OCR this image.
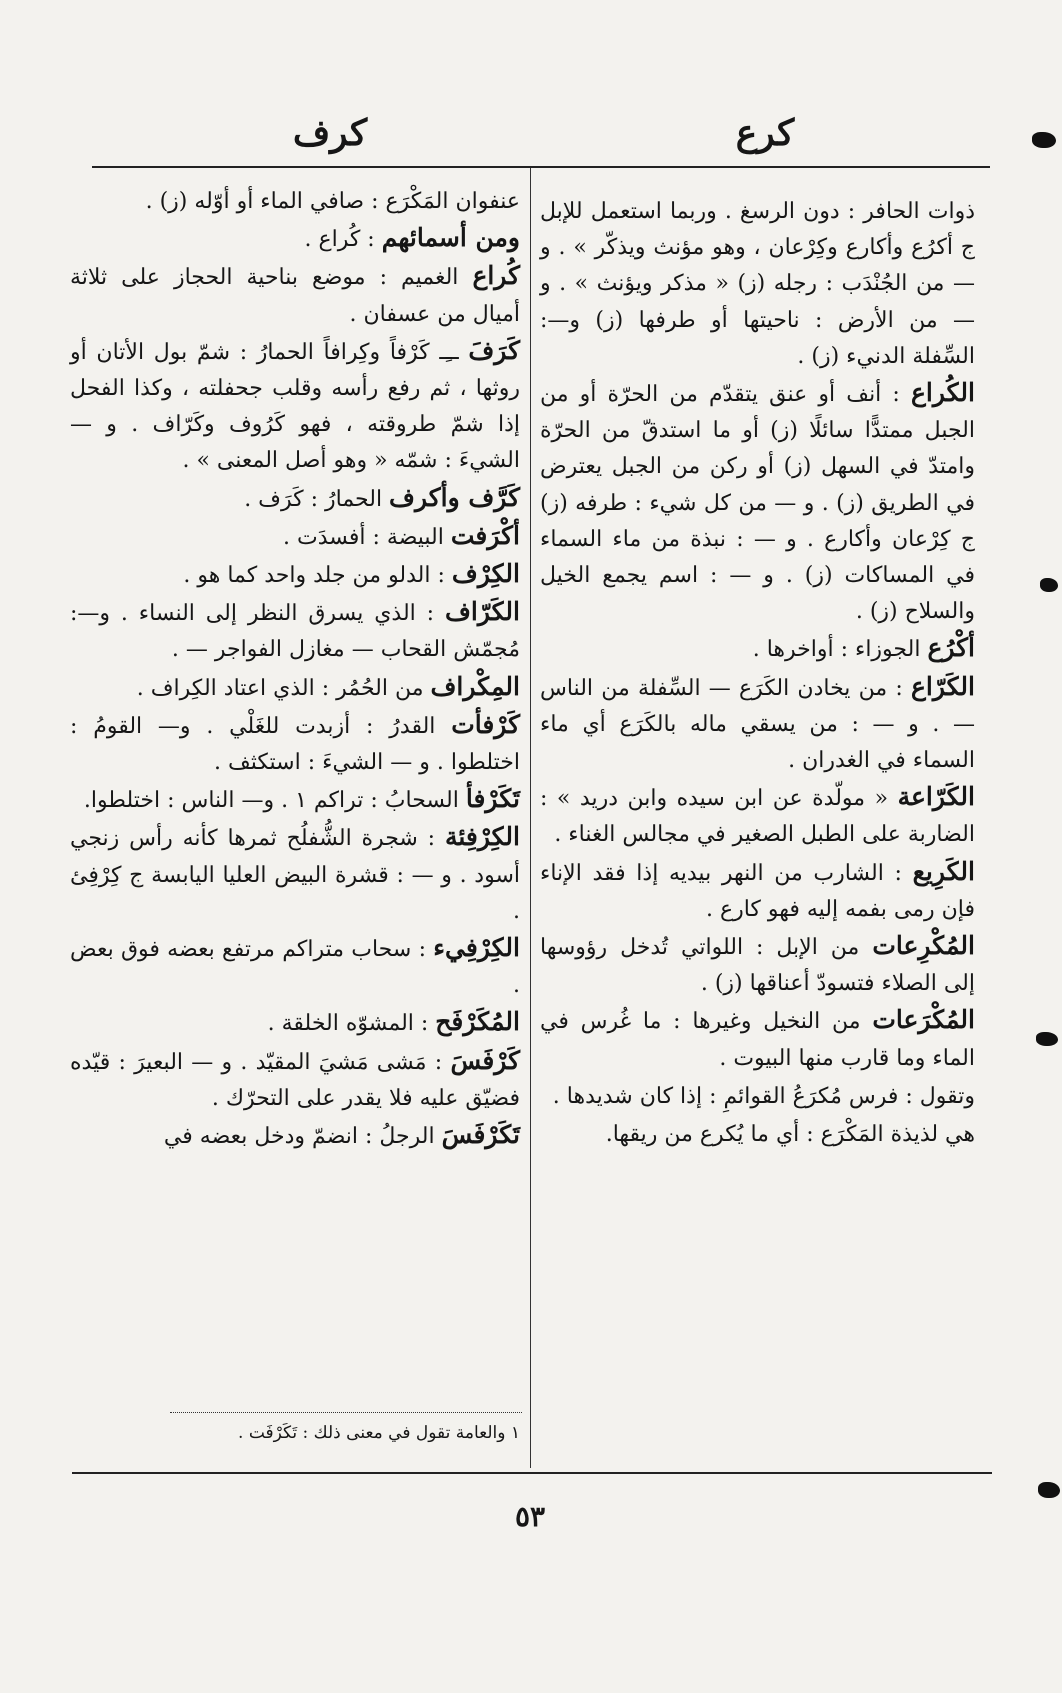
كرع
كرف

ذوات الحافر : دون الرسغ . وربما استعمل للإبل ج أكرُع وأكارع وكِرْعان ، وهو مؤنث ويذكّر » . و — من الجُنْدَب : رجله (ز) « مذكر ويؤنث » . و — من الأرض : ناحيتها أو طرفها (ز) و—: السِّفلة الدنيء (ز) .

الكُراع : أنف أو عنق يتقدّم من الحرّة أو من الجبل ممتدًّا سائلًا (ز) أو ما استدقّ من الحرّة وامتدّ في السهل (ز) أو ركن من الجبل يعترض في الطريق (ز) . و — من كل شيء : طرفه (ز) ج كِرْعان وأكارع . و — : نبذة من ماء السماء في المساكات (ز) . و — : اسم يجمع الخيل والسلاح (ز) .

أكْرُع الجوزاء : أواخرها .

الكَرّاع : من يخادن الكَرَع — السِّفلة من الناس — . و — : من يسقي ماله بالكَرَع أي ماء السماء في الغدران .

الكَرّاعة « مولّدة عن ابن سيده وابن دريد » : الضاربة على الطبل الصغير في مجالس الغناء .

الكَرِيع : الشارب من النهر بيديه إذا فقد الإناء فإن رمى بفمه إليه فهو كارع .

المُكْرِعات من الإبل : اللواتي تُدخل رؤوسها إلى الصلاء فتسودّ أعناقها (ز) .

المُكْرَعات من النخيل وغيرها : ما غُرس في الماء وما قارب منها البيوت .

وتقول : فرس مُكرَعُ القوائمِ : إذا كان شديدها .

هي لذيذة المَكْرَع : أي ما يُكرع من ريقها.

عنفوان المَكْرَع : صافي الماء أو أوّله (ز) .

ومن أسمائهم : كُراع .

كُراع الغميم : موضع بناحية الحجاز على ثلاثة أميال من عسفان .

كَرَفَ ــِـ كَرْفاً وكِرافاً الحمارُ : شمّ بول الأتان أو روثها ، ثم رفع رأسه وقلب جحفلته ، وكذا الفحل إذا شمّ طروقته ، فهو كَرُوف وكَرّاف . و — الشيءَ : شمّه « وهو أصل المعنى » .

كَرَّف وأكرف الحمارُ : كَرَف .

أكْرَفت البيضة : أفسدَت .

الكِرْف : الدلو من جلد واحد كما هو .

الكَرّاف : الذي يسرق النظر إلى النساء . و—: مُجمّش القحاب — مغازل الفواجر — .

المِكْراف من الحُمُر : الذي اعتاد الكِراف .

كَرْفأت القدرُ : أزبدت للغَلْي . و— القومُ : اختلطوا . و — الشيءَ : استكثف .

تَكَرْفأ السحابُ : تراكم ١ . و— الناس : اختلطوا.

الكِرْفِئة : شجرة الشُّفلُح ثمرها كأنه رأس زنجي أسود . و — : قشرة البيض العليا اليابسة ج كِرْفِئ .

الكِرْفِيء : سحاب متراكم مرتفع بعضه فوق بعض .

المُكَرْفَح : المشوّه الخلقة .

كَرْفَسَ : مَشى مَشيَ المقيّد . و — البعيرَ : قيّده فضيّق عليه فلا يقدر على التحرّك .

تَكَرْفَسَ الرجلُ : انضمّ ودخل بعضه في

١ والعامة تقول في معنى ذلك : تَكَرْفَت .
٥٣
